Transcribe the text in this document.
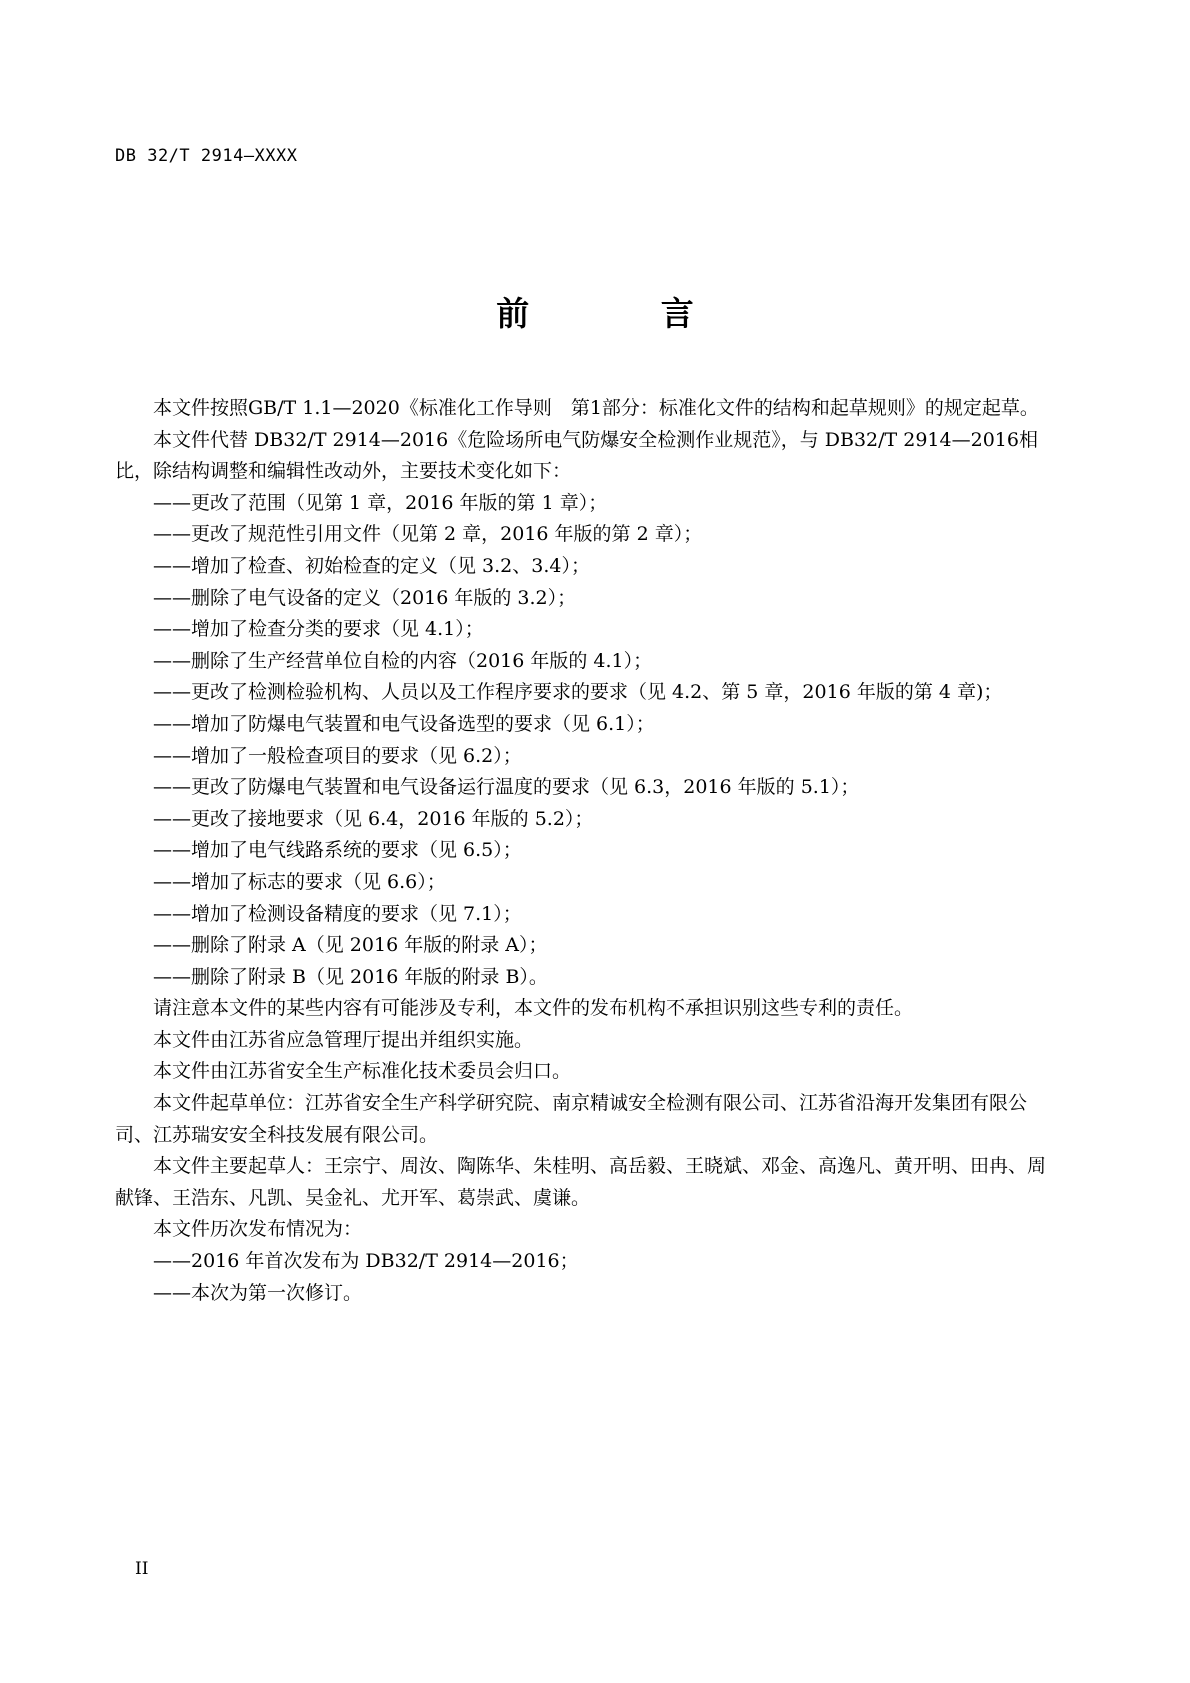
DB 32/T 2914—XXXX
前 言

本文件按照GB/T 1.1—2020《标准化工作导则　第1部分：标准化文件的结构和起草规则》的规定起草。

本文件代替 DB32/T 2914—2016《危险场所电气防爆安全检测作业规范》，与 DB32/T 2914—2016相比，除结构调整和编辑性改动外，主要技术变化如下：

——更改了范围（见第 1 章，2016 年版的第 1 章）；

——更改了规范性引用文件（见第 2 章，2016 年版的第 2 章）；

——增加了检查、初始检查的定义（见 3.2、3.4）；

——删除了电气设备的定义（2016 年版的 3.2）；

——增加了检查分类的要求（见 4.1）；

——删除了生产经营单位自检的内容（2016 年版的 4.1）；

——更改了检测检验机构、人员以及工作程序要求的要求（见 4.2、第 5 章，2016 年版的第 4 章)；

——增加了防爆电气装置和电气设备选型的要求（见 6.1）；

——增加了一般检查项目的要求（见 6.2）；

——更改了防爆电气装置和电气设备运行温度的要求（见 6.3，2016 年版的 5.1）；

——更改了接地要求（见 6.4，2016 年版的 5.2）；

——增加了电气线路系统的要求（见 6.5）；

——增加了标志的要求（见 6.6）；

——增加了检测设备精度的要求（见 7.1）；

——删除了附录 A（见 2016 年版的附录 A）；

——删除了附录 B（见 2016 年版的附录 B）。

请注意本文件的某些内容有可能涉及专利，本文件的发布机构不承担识别这些专利的责任。

本文件由江苏省应急管理厅提出并组织实施。

本文件由江苏省安全生产标准化技术委员会归口。

本文件起草单位：江苏省安全生产科学研究院、南京精诚安全检测有限公司、江苏省沿海开发集团有限公司、江苏瑞安安全科技发展有限公司。

本文件主要起草人：王宗宁、周汝、陶陈华、朱桂明、高岳毅、王晓斌、邓金、高逸凡、黄开明、田冉、周献锋、王浩东、凡凯、吴金礼、尤开军、葛崇武、虞谦。

本文件历次发布情况为：

——2016 年首次发布为 DB32/T 2914—2016；

——本次为第一次修订。

II
